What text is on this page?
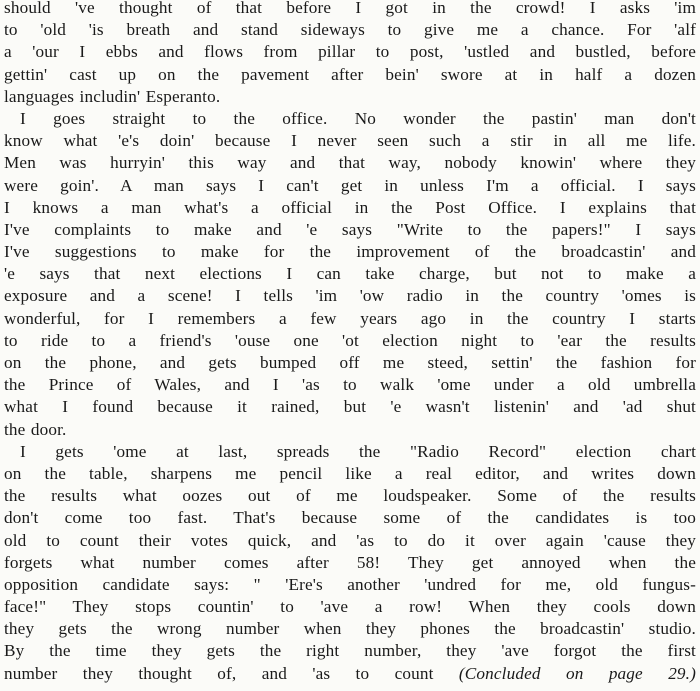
should 've thought of that before I got in the crowd! I asks 'im
to 'old 'is breath and stand sideways to give me a chance. For 'alf
a 'our I ebbs and flows from pillar to post, 'ustled and bustled, before
gettin' cast up on the pavement after bein' swore at in half a dozen
languages includin' Esperanto.
I goes straight to the office. No wonder the pastin' man don't
know what 'e's doin' because I never seen such a stir in all me life.
Men was hurryin' this way and that way, nobody knowin' where they
were goin'. A man says I can't get in unless I'm a official. I says
I knows a man what's a official in the Post Office. I explains that
I've complaints to make and 'e says "Write to the papers!" I says
I've suggestions to make for the improvement of the broadcastin' and
'e says that next elections I can take charge, but not to make a
exposure and a scene! I tells 'im 'ow radio in the country 'omes is
wonderful, for I remembers a few years ago in the country I starts
to ride to a friend's 'ouse one 'ot election night to 'ear the results
on the phone, and gets bumped off me steed, settin' the fashion for
the Prince of Wales, and I 'as to walk 'ome under a old umbrella
what I found because it rained, but 'e wasn't listenin' and 'ad shut
the door.
I gets 'ome at last, spreads the "Radio Record" election chart
on the table, sharpens me pencil like a real editor, and writes down
the results what oozes out of me loudspeaker. Some of the results
don't come too fast. That's because some of the candidates is too
old to count their votes quick, and 'as to do it over again 'cause they
forgets what number comes after 58! They get annoyed when the
opposition candidate says: " 'Ere's another 'undred for me, old fungus-
face!" They stops countin' to 'ave a row! When they cools down
they gets the wrong number when they phones the broadcastin' studio.
By the time they gets the right number, they 'ave forgot the first
number they thought of, and 'as to count (Concluded on page 29.)
